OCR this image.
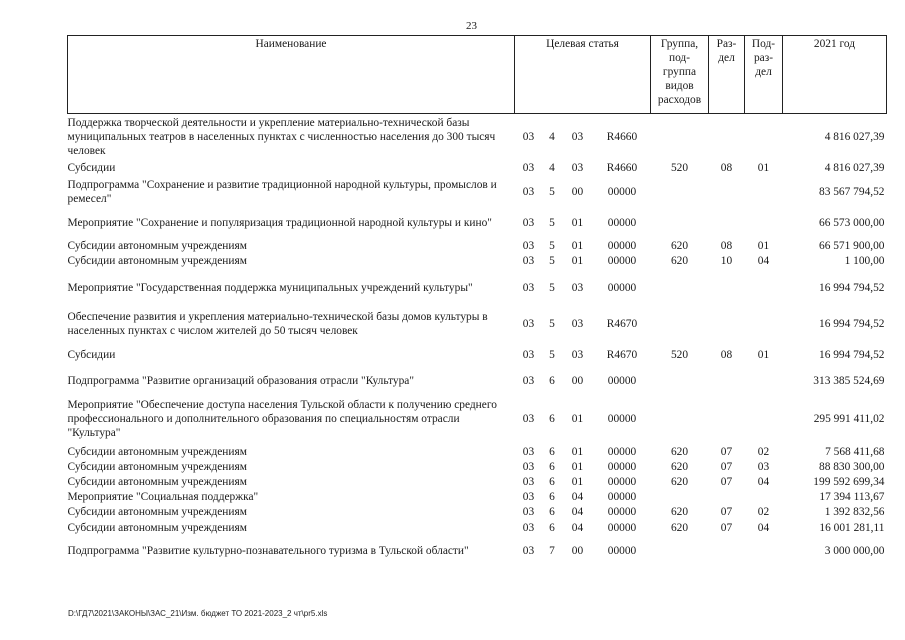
23
Наименование	Целевая статья				Группа,
под-
группа
видов
расходов	Раз-
дел	Под-
раз-
дел	2021 год
Поддержка творческой деятельности и укрепление материально-технической базы муниципальных театров в населенных пунктах с численностью населения до 300 тысяч человек	03	4	03	R4660				4 816 027,39
Субсидии	03	4	03	R4660	520	08	01	4 816 027,39
Подпрограмма "Сохранение и развитие традиционной народной культуры, промыслов и ремесел"	03	5	00	00000				83 567 794,52
Мероприятие "Сохранение и популяризация традиционной народной культуры и кино"	03	5	01	00000				66 573 000,00
Субсидии автономным учреждениям	03	5	01	00000	620	08	01	66 571 900,00
Субсидии автономным учреждениям	03	5	01	00000	620	10	04	1 100,00
Мероприятие "Государственная поддержка муниципальных учреждений культуры"	03	5	03	00000				16 994 794,52
Обеспечение развития и укрепления материально-технической базы домов культуры в населенных пунктах с числом жителей до 50 тысяч человек	03	5	03	R4670				16 994 794,52
Субсидии	03	5	03	R4670	520	08	01	16 994 794,52
Подпрограмма "Развитие организаций образования отрасли "Культура"	03	6	00	00000				313 385 524,69
Мероприятие "Обеспечение доступа населения Тульской области к получению среднего профессионального и дополнительного образования по специальностям отрасли "Культура"	03	6	01	00000				295 991 411,02
Субсидии автономным учреждениям	03	6	01	00000	620	07	02	7 568 411,68
Субсидии автономным учреждениям	03	6	01	00000	620	07	03	88 830 300,00
Субсидии автономным учреждениям	03	6	01	00000	620	07	04	199 592 699,34
Мероприятие "Социальная поддержка"	03	6	04	00000				17 394 113,67
Субсидии автономным учреждениям	03	6	04	00000	620	07	02	1 392 832,56
Субсидии автономным учреждениям	03	6	04	00000	620	07	04	16 001 281,11
Подпрограмма "Развитие культурно-познавательного туризма в Тульской области"	03	7	00	00000				3 000 000,00
D:\ГД7\2021\ЗАКОНЫ\ЗАС_21\Изм. бюджет ТО 2021-2023_2 чт\pr5.xls
